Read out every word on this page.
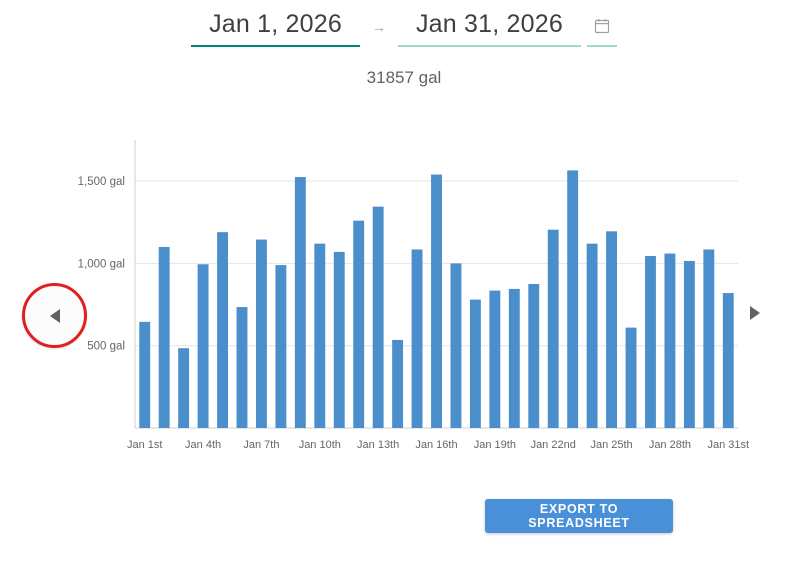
Jan 1, 2026	→	Jan 31, 2026
31857 gal
500 gal
1,000 gal
1,500 gal
Jan 1st Jan 4th Jan 7th Jan 10th Jan 13th Jan 16th Jan 19th Jan 22nd Jan 25th Jan 28th Jan 31st
EXPORT TO SPREADSHEET
